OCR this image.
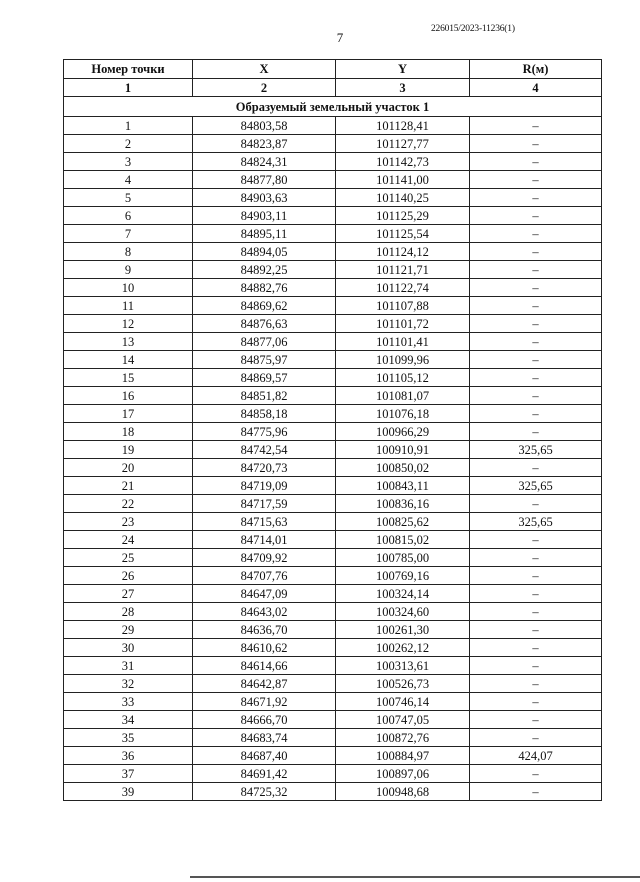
226015/2023-11236(1)
7
Номер точки	X	Y	R(м)
1	2	3	4
Образуемый земельный участок 1			
1	84803,58	101128,41	–
2	84823,87	101127,77	–
3	84824,31	101142,73	–
4	84877,80	101141,00	–
5	84903,63	101140,25	–
6	84903,11	101125,29	–
7	84895,11	101125,54	–
8	84894,05	101124,12	–
9	84892,25	101121,71	–
10	84882,76	101122,74	–
11	84869,62	101107,88	–
12	84876,63	101101,72	–
13	84877,06	101101,41	–
14	84875,97	101099,96	–
15	84869,57	101105,12	–
16	84851,82	101081,07	–
17	84858,18	101076,18	–
18	84775,96	100966,29	–
19	84742,54	100910,91	325,65
20	84720,73	100850,02	–
21	84719,09	100843,11	325,65
22	84717,59	100836,16	–
23	84715,63	100825,62	325,65
24	84714,01	100815,02	–
25	84709,92	100785,00	–
26	84707,76	100769,16	–
27	84647,09	100324,14	–
28	84643,02	100324,60	–
29	84636,70	100261,30	–
30	84610,62	100262,12	–
31	84614,66	100313,61	–
32	84642,87	100526,73	–
33	84671,92	100746,14	–
34	84666,70	100747,05	–
35	84683,74	100872,76	–
36	84687,40	100884,97	424,07
37	84691,42	100897,06	–
39	84725,32	100948,68	–
